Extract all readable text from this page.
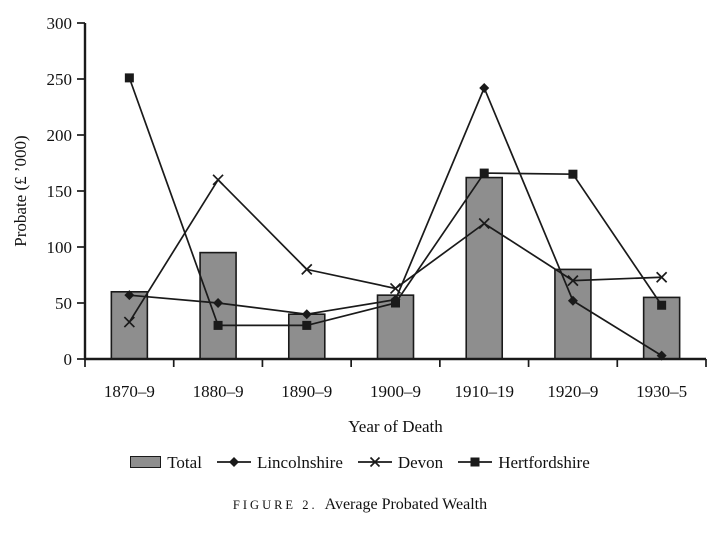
0
50
100
150
200
250
300
1870–9 1880–9 1890–9 1900–9 1910–19 1920–9 1930–5
Probate (£ ’000)
Year of Death
Total	Lincolnshire	Devon	Hertfordshire
FIGURE 2. Average Probated Wealth
